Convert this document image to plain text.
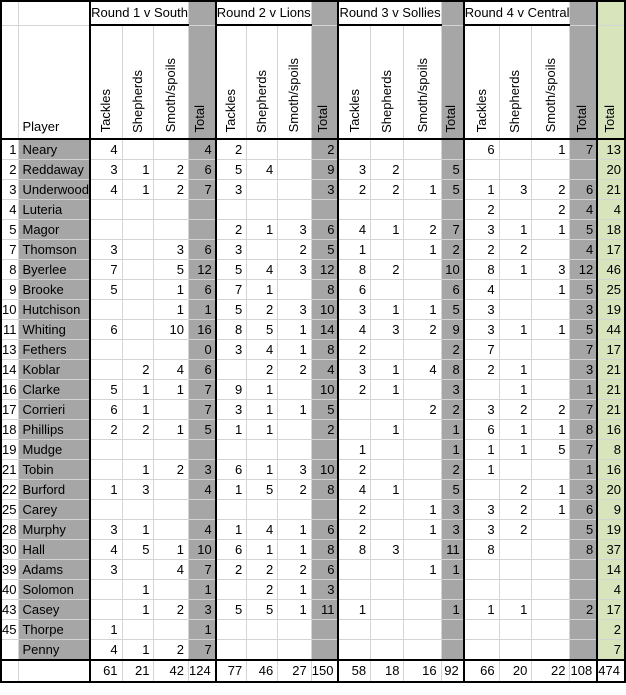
		Round 1 v South				Round 2 v Lions				Round 3 v Sollies				Round 4 v Central				
	Player	Tackles	Shepherds	Smoth/spoils	Total	Tackles	Shepherds	Smoth/spoils	Total	Tackles	Shepherds	Smoth/spoils	Total	Tackles	Shepherds	Smoth/spoils	Total	Total
1	Neary	4			4	2			2					6		1	7	13
2	Reddaway	3	1	2	6	5	4		9	3	2		5					20
3	Underwood	4	1	2	7	3			3	2	2	1	5	1	3	2	6	21
4	Luteria													2		2	4	4
5	Magor					2	1	3	6	4	1	2	7	3	1	1	5	18
7	Thomson	3		3	6	3		2	5	1		1	2	2	2		4	17
8	Byerlee	7		5	12	5	4	3	12	8	2		10	8	1	3	12	46
9	Brooke	5		1	6	7	1		8	6			6	4		1	5	25
10	Hutchison			1	1	5	2	3	10	3	1	1	5	3			3	19
11	Whiting	6		10	16	8	5	1	14	4	3	2	9	3	1	1	5	44
13	Fethers				0	3	4	1	8	2			2	7			7	17
14	Koblar		2	4	6		2	2	4	3	1	4	8	2	1		3	21
16	Clarke	5	1	1	7	9	1		10	2	1		3		1		1	21
17	Corrieri	6	1		7	3	1	1	5			2	2	3	2	2	7	21
18	Phillips	2	2	1	5	1	1		2		1		1	6	1	1	8	16
19	Mudge									1			1	1	1	5	7	8
21	Tobin		1	2	3	6	1	3	10	2			2	1			1	16
22	Burford	1	3		4	1	5	2	8	4	1		5		2	1	3	20
25	Carey									2		1	3	3	2	1	6	9
28	Murphy	3	1		4	1	4	1	6	2		1	3	3	2		5	19
30	Hall	4	5	1	10	6	1	1	8	8	3		11	8			8	37
39	Adams	3		4	7	2	2	2	6			1	1					14
40	Solomon		1		1		2	1	3									4
43	Casey		1	2	3	5	5	1	11	1			1	1	1		2	17
45	Thorpe	1			1													2
	Penny	4	1	2	7													7
		61	21	42	124	77	46	27	150	58	18	16	92	66	20	22	108	474
